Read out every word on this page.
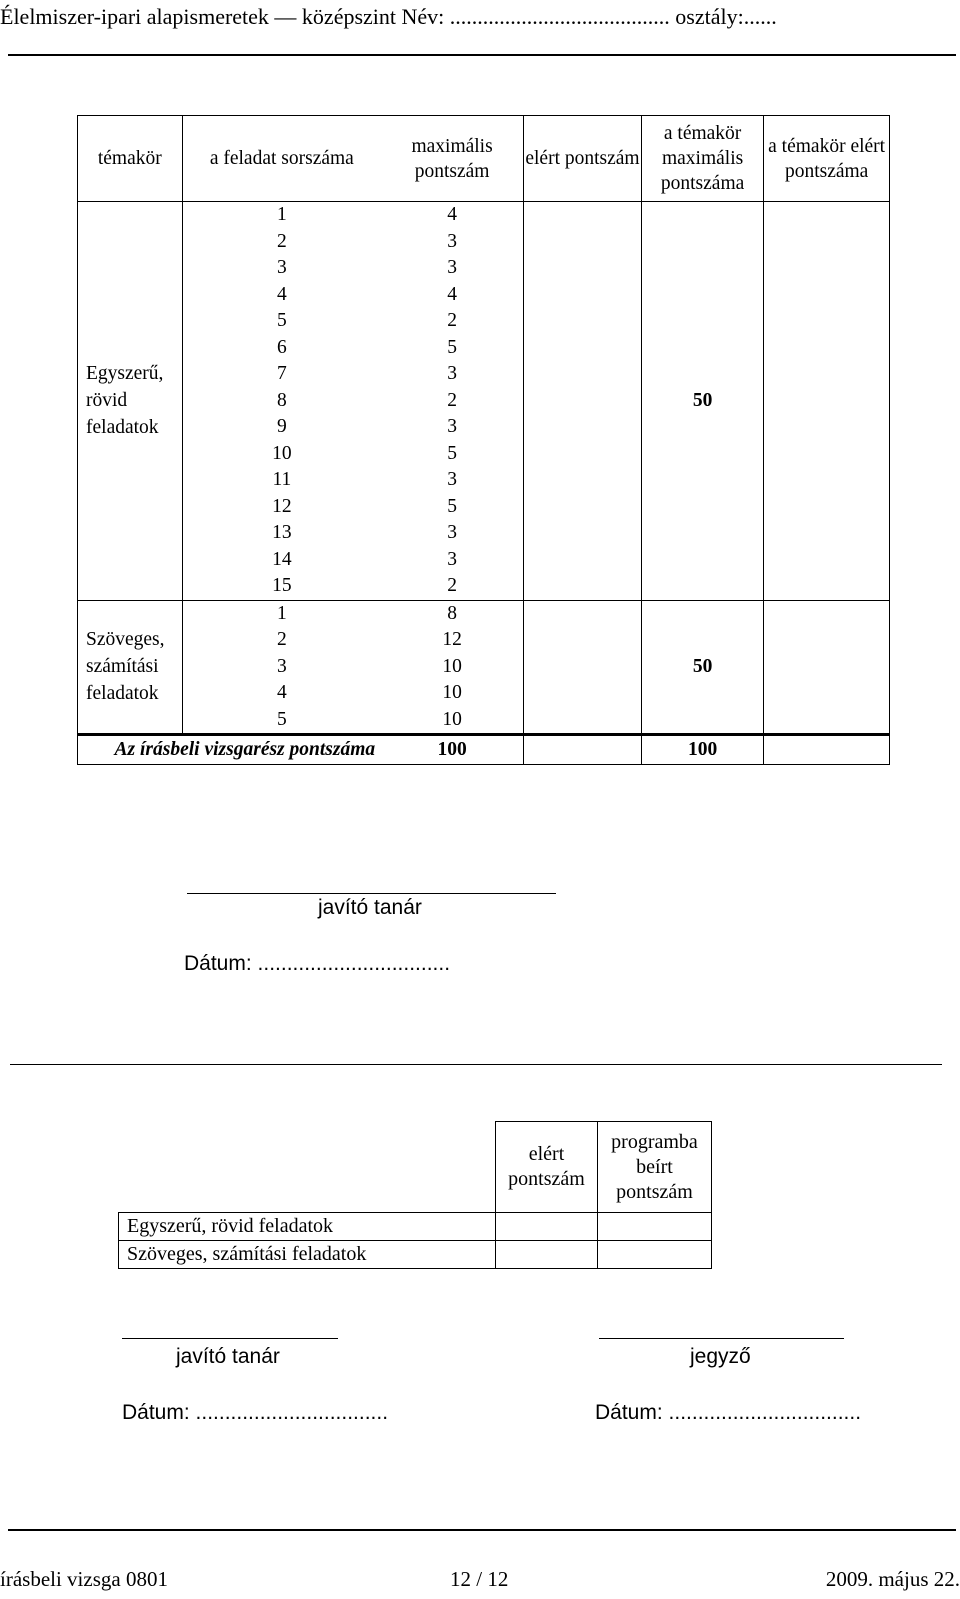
Élelmiszer-ipari alapismeretek — középszint Név: ........................................ osztály:......
témakör	a feladat sorszáma	maximális pontszám	elért pontszám	a témakör maximális pontszáma	a témakör elért pontszáma
Egyszerű, rövid feladatok	1	4		50	
	2	3			
	3	3			
	4	4			
	5	2			
	6	5			
	7	3			
	8	2			
	9	3			
	10	5			
	11	3			
	12	5			
	13	3			
	14	3			
	15	2			
Szöveges, számítási feladatok	1	8		50	
	2	12			
	3	10			
	4	10			
	5	10			
Az írásbeli vizsgarész pontszáma		100		100	
javító tanár
Dátum: .................................
	elért pontszám	programba beírt pontszám
Egyszerű, rövid feladatok		
Szöveges, számítási feladatok		
javító tanár
Dátum: .................................
jegyző
Dátum: .................................
írásbeli vizsga 0801	12 / 12	2009. május 22.
